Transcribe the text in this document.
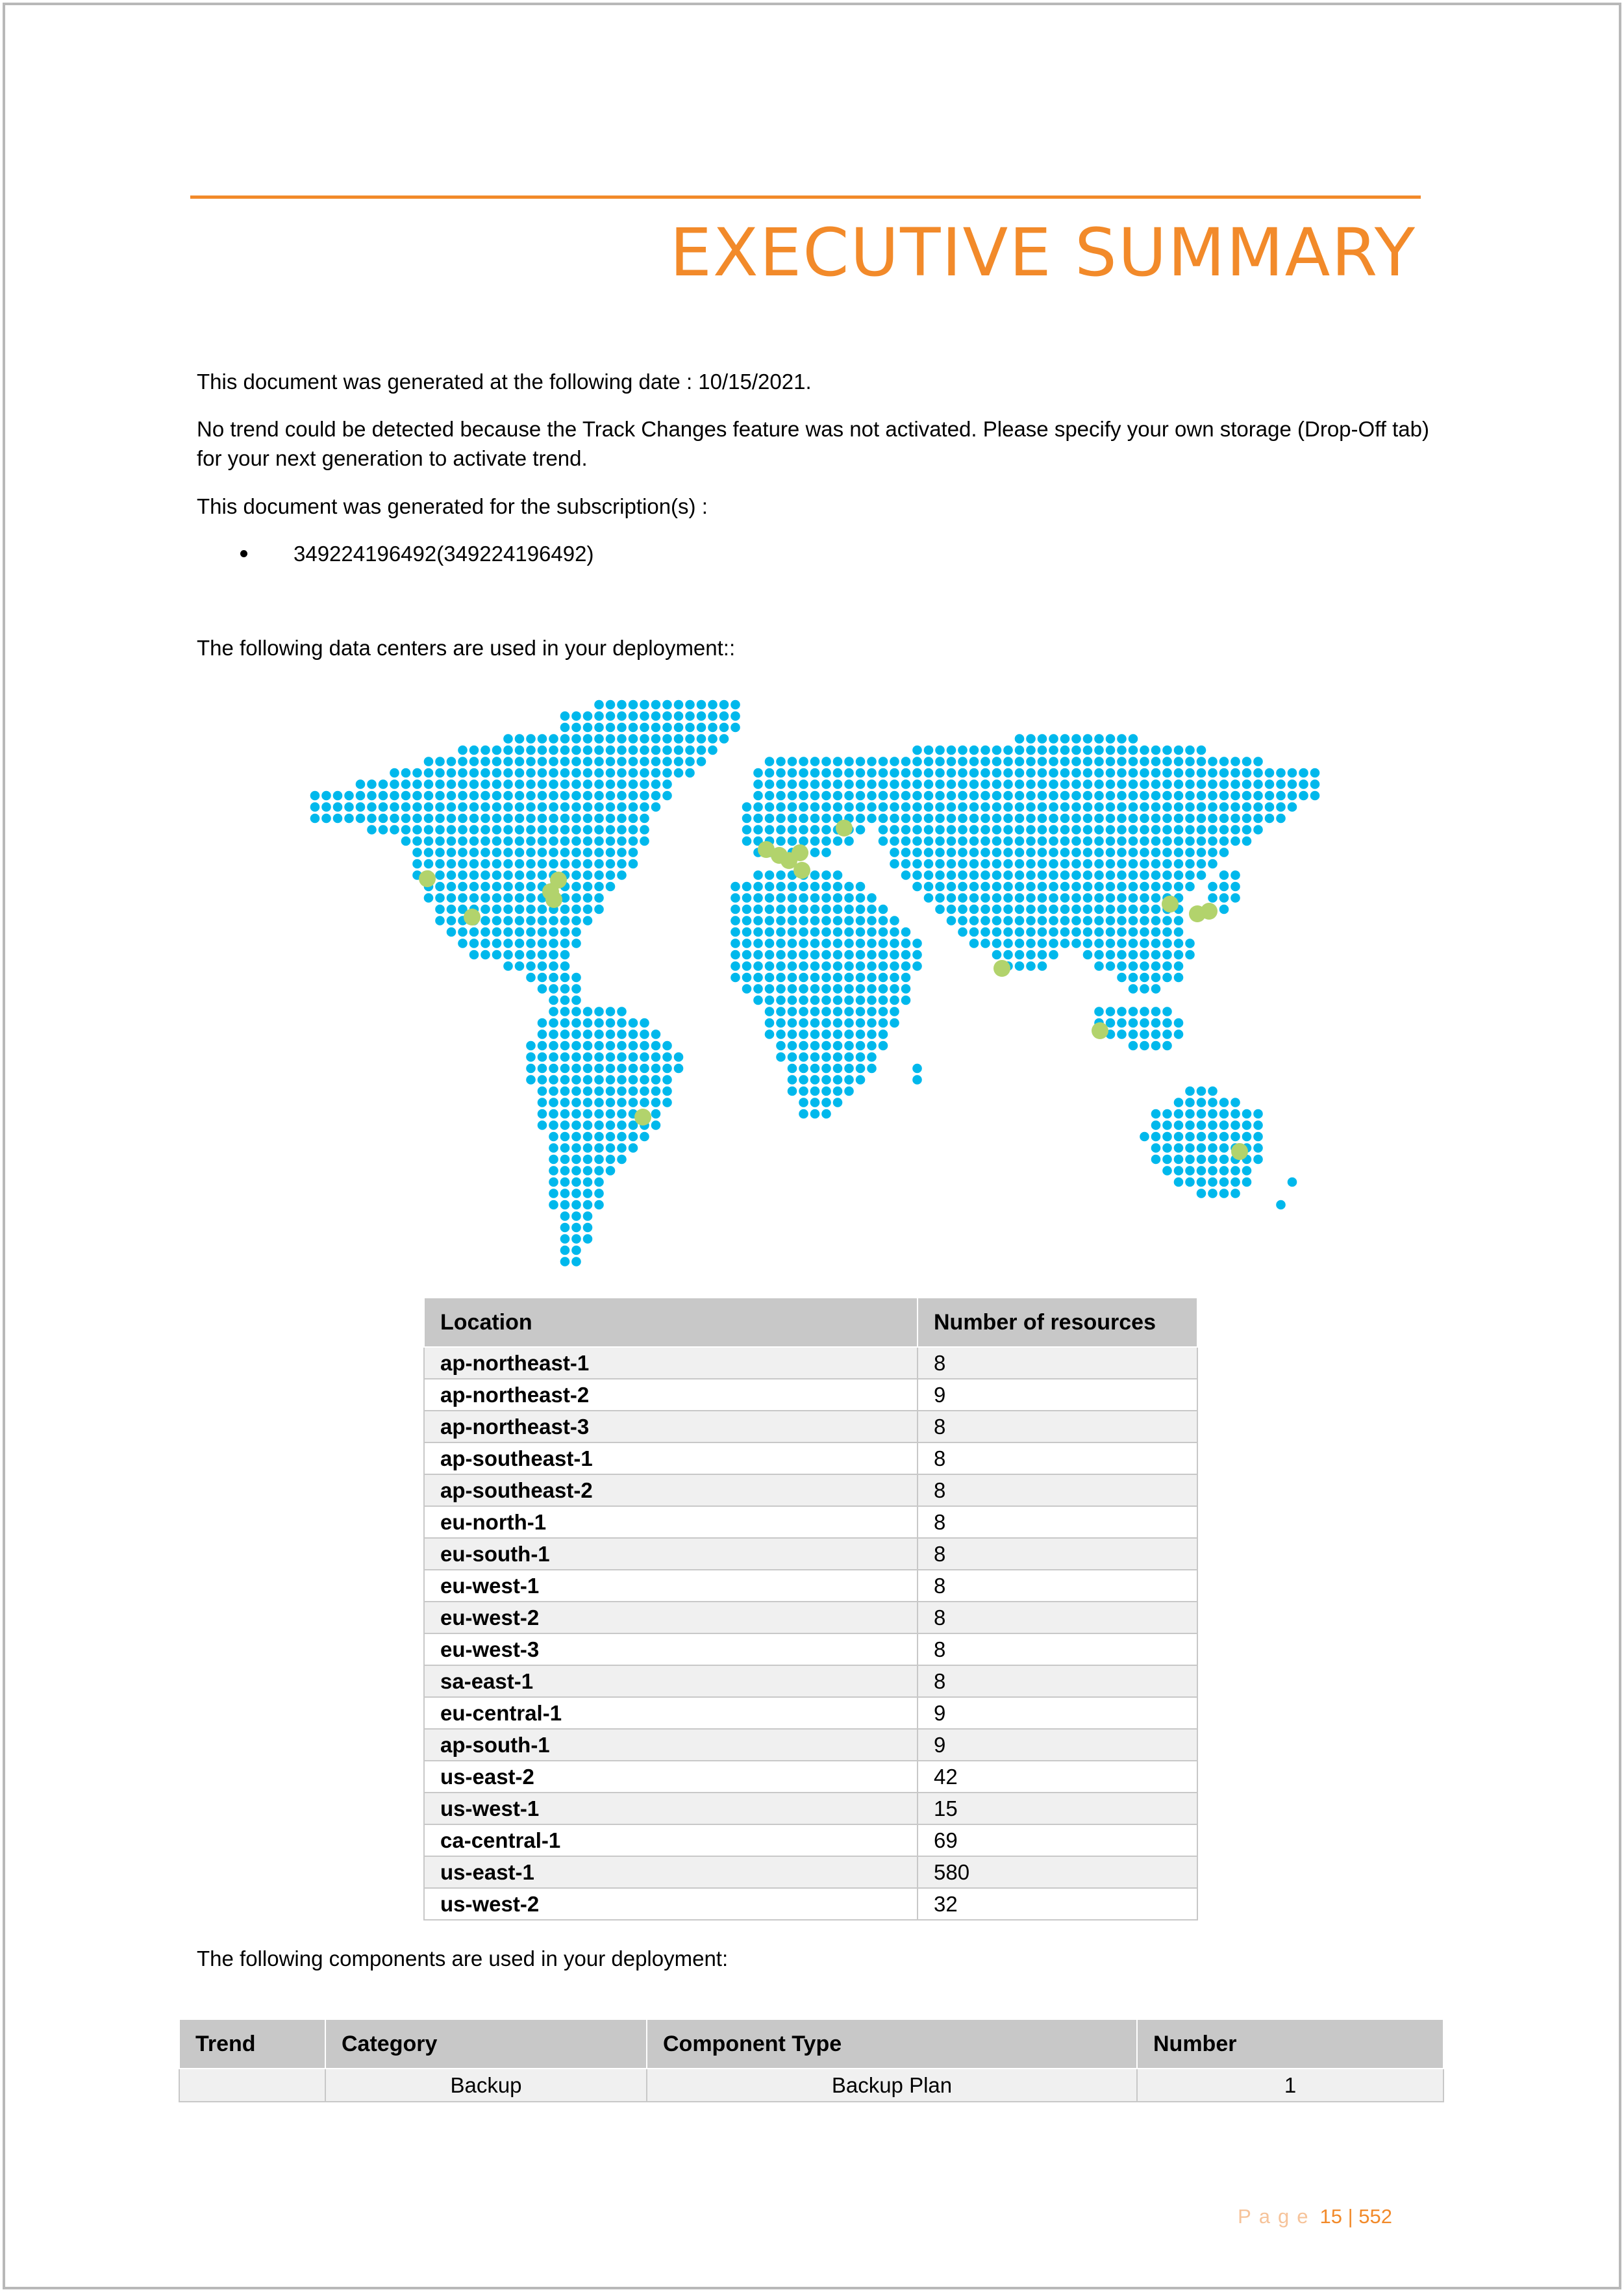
EXECUTIVE SUMMARY

This document was generated at the following date : 10/15/2021.

No trend could be detected because the Track Changes feature was not activated. Please specify your own storage (Drop-Off tab) for your next generation to activate trend.

This document was generated for the subscription(s) :

349224196492(349224196492)

The following data centers are used in your deployment::

Location	Number of resources
ap-northeast-1	8
ap-northeast-2	9
ap-northeast-3	8
ap-southeast-1	8
ap-southeast-2	8
eu-north-1	8
eu-south-1	8
eu-west-1	8
eu-west-2	8
eu-west-3	8
sa-east-1	8
eu-central-1	9
ap-south-1	9
us-east-2	42
us-west-1	15
ca-central-1	69
us-east-1	580
us-west-2	32

The following components are used in your deployment:

Trend	Category	Component Type	Number
	Backup	Backup Plan	1
Page 15 | 552
